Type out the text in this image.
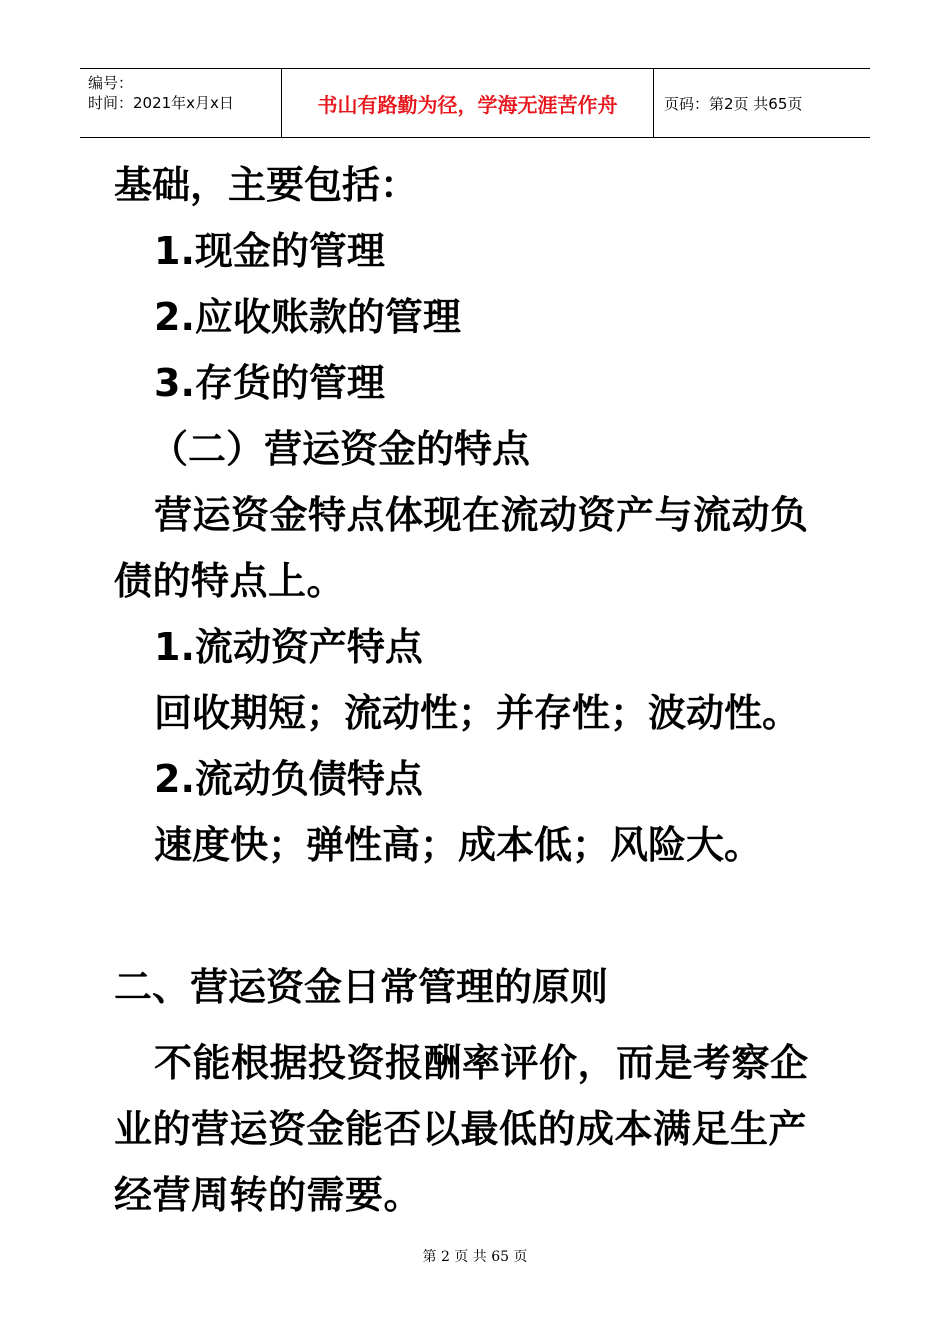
编号：
时间：2021年x月x日	书山有路勤为径，学海无涯苦作舟	页码：第2页 共65页
基础，主要包括：
1.现金的管理
2.应收账款的管理
3.存货的管理
（二）营运资金的特点
营运资金特点体现在流动资产与流动负债的特点上。
1.流动资产特点
回收期短；流动性；并存性；波动性。
2.流动负债特点
速度快；弹性高；成本低；风险大。
二、营运资金日常管理的原则
不能根据投资报酬率评价，而是考察企业的营运资金能否以最低的成本满足生产经营周转的需要。
第 2 页 共 65 页
